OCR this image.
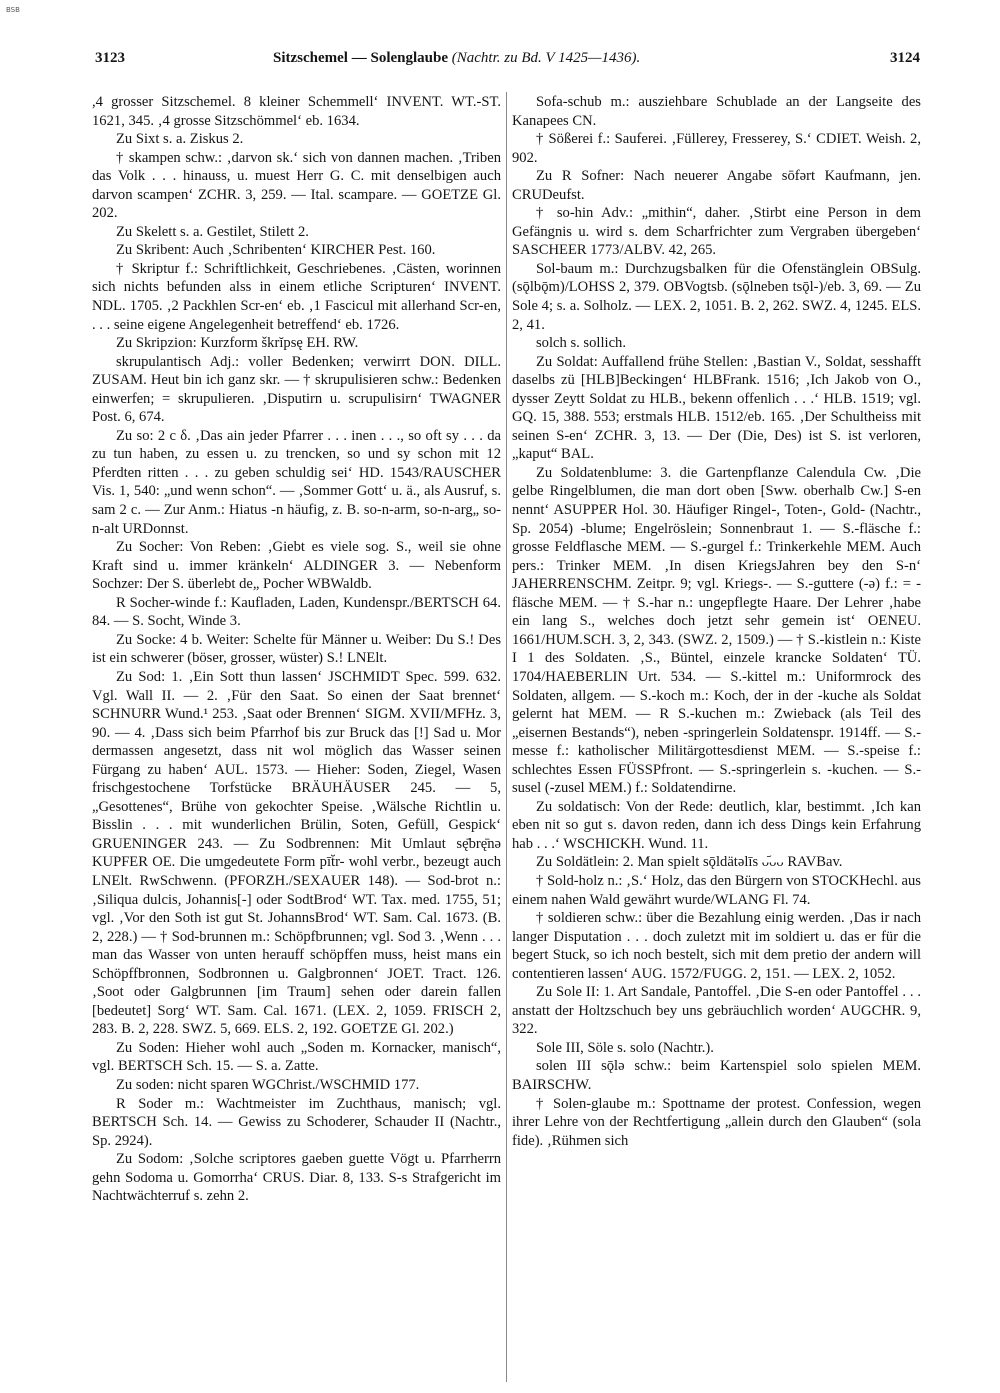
BSB
3123	Sitzschemel — Solenglaube (Nachtr. zu Bd. V 1425—1436).	3124

,4 grosser Sitzschemel. 8 kleiner Schemmell‘ INVENT. WT.-ST. 1621, 345. ‚4 grosse Sitzschömmel‘ eb. 1634.

Zu Sixt s. a. Ziskus 2.

† skampen schw.: ‚darvon sk.‘ sich von dannen machen. ‚Triben das Volk . . . hinauss, u. muest Herr G. C. mit denselbigen auch darvon scampen‘ ZCHR. 3, 259. — Ital. scampare. — GOETZE Gl. 202.

Zu Skelett s. a. Gestilet, Stilett 2.

Zu Skribent: Auch ‚Schribenten‘ KIRCHER Pest. 160.

† Skriptur f.: Schriftlichkeit, Geschriebenes. ‚Cästen, worinnen sich nichts befunden alss in einem etliche Scripturen‘ INVENT. NDL. 1705. ‚2 Packhlen Scr-en‘ eb. ‚1 Fascicul mit allerhand Scr-en, . . . seine eigene Angelegenheit betreffend‘ eb. 1726.

Zu Skripzion: Kurzform škrĭpsę EH. RW.

skrupulantisch Adj.: voller Bedenken; verwirrt DON. DILL. ZUSAM. Heut bin ich ganz skr. — † skrupulisieren schw.: Bedenken einwerfen; = skrupulieren. ‚Disputirn u. scrupulisirn‘ TWAGNER Post. 6, 674.

Zu so: 2 c δ. ‚Das ain jeder Pfarrer . . . inen . . ., so oft sy . . . da zu tun haben, zu essen u. zu trencken, so und sy schon mit 12 Pferdten ritten . . . zu geben schuldig sei‘ HD. 1543/RAUSCHER Vis. 1, 540: „und wenn schon“. — ‚Sommer Gott‘ u. ä., als Ausruf, s. sam 2 c. — Zur Anm.: Hiatus -n häufig, z. B. so-n-arm, so-n-arg„ so-n-alt URDonnst.

Zu Socher: Von Reben: ‚Giebt es viele sog. S., weil sie ohne Kraft sind u. immer kränkeln‘ ALDINGER 3. — Nebenform Sochzer: Der S. überlebt de„ Pocher WBWaldb.

R Socher-winde f.: Kaufladen, Laden, Kundenspr./BERTSCH 64. 84. — S. Socht, Winde 3.

Zu Socke: 4 b. Weiter: Schelte für Männer u. Weiber: Du S.! Des ist ein schwerer (böser, grosser, wüster) S.! LNElt.

Zu Sod: 1. ‚Ein Sott thun lassen‘ JSCHMIDT Spec. 599. 632. Vgl. Wall II. — 2. ‚Für den Saat. So einen der Saat brennet‘ SCHNURR Wund.¹ 253. ‚Saat oder Brennen‘ SIGM. XVII/MFHz. 3, 90. — 4. ‚Dass sich beim Pfarrhof bis zur Bruck das [!] Sad u. Mor dermassen angesetzt, dass nit wol möglich das Wasser seinen Fürgang zu haben‘ AUL. 1573. — Hieher: Soden, Ziegel, Wasen frischgestochene Torfstücke BRÄUHÄUSER 245. — 5, „Gesottenes“, Brühe von gekochter Speise. ‚Wälsche Richtlin u. Bisslin . . . mit wunderlichen Brülin, Soten, Gefüll, Gespick‘ GRUENINGER 243. — Zu Sodbrennen: Mit Umlaut sę̄brę̄nə KUPFER OE. Die umgedeutete Form pīt̆r- wohl verbr., bezeugt auch LNElt. RwSchwenn. (PFORZH./SEXAUER 148). — Sod-brot n.: ‚Siliqua dulcis, Johannis[-] oder SodtBrod‘ WT. Tax. med. 1755, 51; vgl. ‚Vor den Soth ist gut St. JohannsBrod‘ WT. Sam. Cal. 1673. (B. 2, 228.) — † Sod-brunnen m.: Schöpfbrunnen; vgl. Sod 3. ‚Wenn . . . man das Wasser von unten herauff schöpffen muss, heist mans ein Schöpffbronnen, Sodbronnen u. Galgbronnen‘ JOET. Tract. 126. ‚Soot oder Galgbrunnen [im Traum] sehen oder darein fallen [bedeutet] Sorg‘ WT. Sam. Cal. 1671. (LEX. 2, 1059. FRISCH 2, 283. B. 2, 228. SWZ. 5, 669. ELS. 2, 192. GOETZE Gl. 202.)

Zu Soden: Hieher wohl auch „Soden m. Kornacker, manisch“, vgl. BERTSCH Sch. 15. — S. a. Zatte.

Zu soden: nicht sparen WGChrist./WSCHMID 177.

R Soder m.: Wachtmeister im Zuchthaus, manisch; vgl. BERTSCH Sch. 14. — Gewiss zu Schoderer, Schauder II (Nachtr., Sp. 2924).

Zu Sodom: ‚Solche scriptores gaeben guette Vögt u. Pfarrherrn gehn Sodoma u. Gomorrha‘ CRUS. Diar. 8, 133. S-s Strafgericht im Nachtwächterruf s. zehn 2.

Sofa-schub m.: ausziehbare Schublade an der Langseite des Kanapees CN.

† Sößerei f.: Sauferei. ‚Füllerey, Fresserey, S.‘ CDIET. Weish. 2, 902.

Zu R Sofner: Nach neuerer Angabe sōfərt Kaufmann, jen. CRUDeufst.

† so-hin Adv.: „mithin“, daher. ‚Stirbt eine Person in dem Gefängnis u. wird s. dem Scharfrichter zum Vergraben übergeben‘ SASCHEER 1773/ALBV. 42, 265.

Sol-baum m.: Durchzugsbalken für die Ofenstänglein OBSulg. (sǭlbǭm)/LOHSS 2, 379. OBVogtsb. (sǭlneben tsǭl-)/eb. 3, 69. — Zu Sole 4; s. a. Solholz. — LEX. 2, 1051. B. 2, 262. SWZ. 4, 1245. ELS. 2, 41.

solch s. sollich.

Zu Soldat: Auffallend frühe Stellen: ‚Bastian V., Soldat, sesshafft daselbs zü [HLB]Beckingen‘ HLBFrank. 1516; ‚Ich Jakob von O., dysser Zeytt Soldat zu HLB., bekenn offenlich . . .‘ HLB. 1519; vgl. GQ. 15, 388. 553; erstmals HLB. 1512/eb. 165. ‚Der Schultheiss mit seinen S-en‘ ZCHR. 3, 13. — Der (Die, Des) ist S. ist verloren, „kaput“ BAL.

Zu Soldatenblume: 3. die Gartenpflanze Calendula Cw. ‚Die gelbe Ringelblumen, die man dort oben [Sww. oberhalb Cw.] S-en nennt‘ ASUPPER Hol. 30. Häufiger Ringel-, Toten-, Gold- (Nachtr., Sp. 2054) -blume; Engelröslein; Sonnenbraut 1. — S.-fläsche f.: grosse Feldflasche MEM. — S.-gurgel f.: Trinkerkehle MEM. Auch pers.: Trinker MEM. ‚In disen KriegsJahren bey den S-n‘ JAHERRENSCHM. Zeitpr. 9; vgl. Kriegs-. — S.-guttere (-ə) f.: = -fläsche MEM. — † S.-har n.: ungepflegte Haare. Der Lehrer ‚habe ein lang S., welches doch jetzt sehr gemein ist‘ OENEU. 1661/HUM.SCH. 3, 2, 343. (SWZ. 2, 1509.) — † S.-kistlein n.: Kiste I 1 des Soldaten. ‚S., Büntel, einzele krancke Soldaten‘ TÜ. 1704/HAEBERLIN Urt. 534. — S.-kittel m.: Uniformrock des Soldaten, allgem. — S.-koch m.: Koch, der in der -kuche als Soldat gelernt hat MEM. — R S.-kuchen m.: Zwieback (als Teil des „eisernen Bestands“), neben -springerlein Soldatenspr. 1914ff. — S.-messe f.: katholischer Militärgottesdienst MEM. — S.-speise f.: schlechtes Essen FÜSSPfront. — S.-springerlein s. -kuchen. — S.-susel (-zusel MEM.) f.: Soldatendirne.

Zu soldatisch: Von der Rede: deutlich, klar, bestimmt. ‚Ich kan eben nit so gut s. davon reden, dann ich dess Dings kein Erfahrung hab . . .‘ WSCHICKH. Wund. 11.

Zu Soldätlein: 2. Man spielt sǭldätəlīs ᴗ᷄ᴗᴗ RAVBav.

† Sold-holz n.: ‚S.‘ Holz, das den Bürgern von STOCKHechl. aus einem nahen Wald gewährt wurde/WLANG Fl. 74.

† soldieren schw.: über die Bezahlung einig werden. ‚Das ir nach langer Disputation . . . doch zuletzt mit im soldiert u. das er für die begert Stuck, so ich noch bestelt, sich mit dem pretio der andern will contentieren lassen‘ AUG. 1572/FUGG. 2, 151. — LEX. 2, 1052.

Zu Sole II: 1. Art Sandale, Pantoffel. ‚Die S-en oder Pantoffel . . . anstatt der Holtzschuch bey uns gebräuchlich worden‘ AUGCHR. 9, 322.

Sole III, Söle s. solo (Nachtr.).

solen III sǭlə schw.: beim Kartenspiel solo spielen MEM. BAIRSCHW.

† Solen-glaube m.: Spottname der protest. Confession, wegen ihrer Lehre von der Rechtfertigung „allein durch den Glauben“ (sola fide). ‚Rühmen sich
